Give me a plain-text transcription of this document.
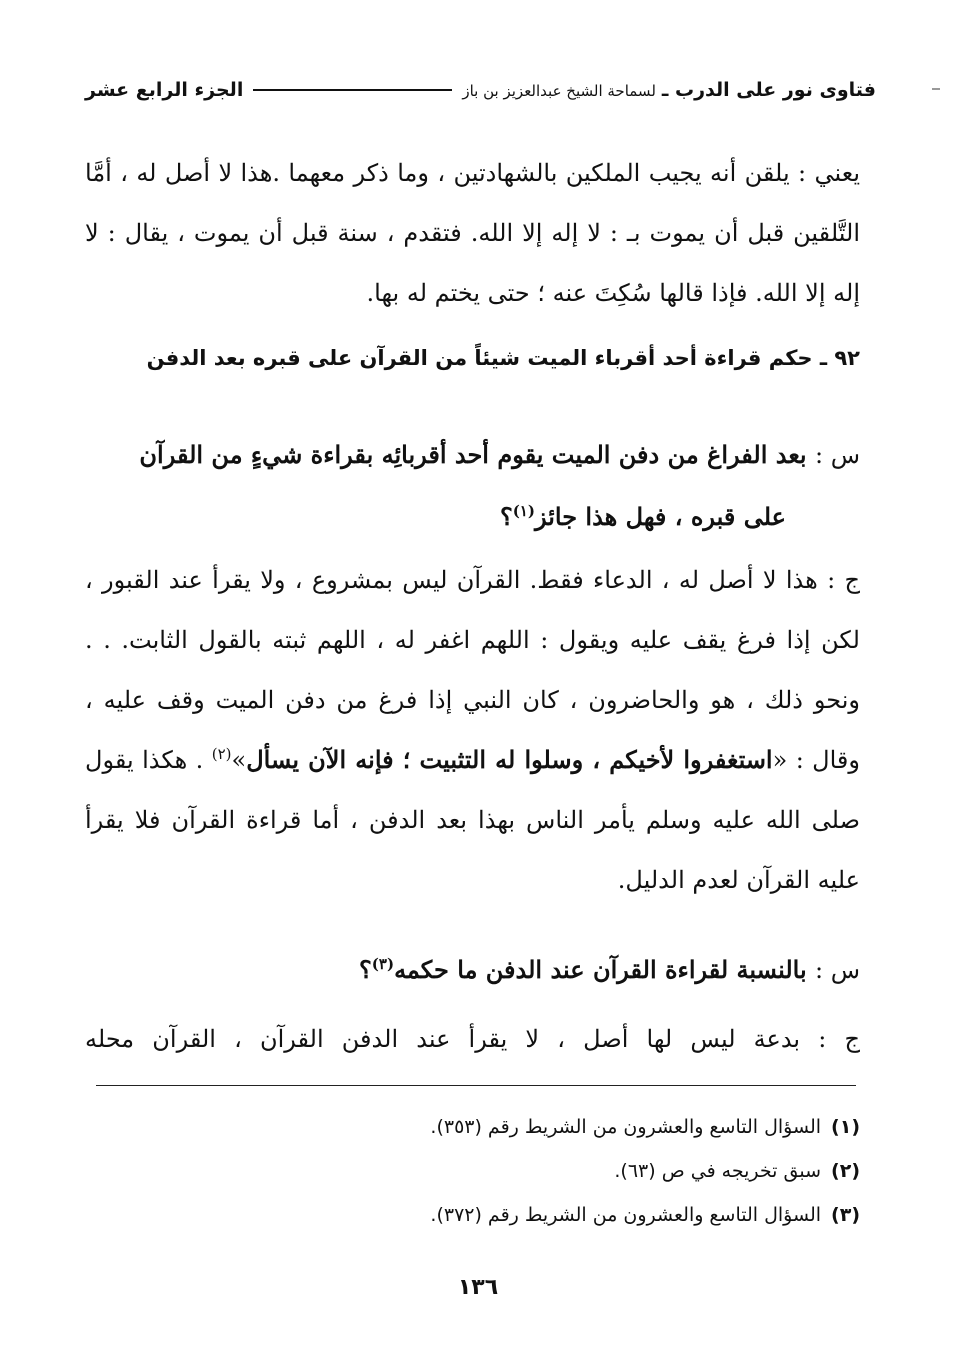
فتاوى نور على الدرب ـ
لسماحة الشيخ عبدالعزيز بن باز
الجزء الرابع عشر

يعني : يلقن أنه يجيب الملكين بالشهادتين ، وما ذكر معهما .هذا لا أصل له ، أمَّا التَّلقين قبل أن يموت بـ : لا إله إلا الله. فتقدم ، سنة قبل أن يموت ، يقال : لا إله إلا الله. فإذا قالها سُكِتَ عنه ؛ حتى يختم له بها.

٩٢ ـ حكم قراءة أحد أقرباء الميت شيئاً من القرآن على قبره بعد الدفن

س : بعد الفراغ من دفن الميت يقوم أحد أقربائِه بقراءة شيءٍ من القرآن

على قبره ، فهل هذا جائز$^{(١)}$؟

ج : هذا لا أصل له ، الدعاء فقط. القرآن ليس بمشروع ، ولا يقرأ عند القبور ، لكن إذا فرغ يقف عليه ويقول : اللهم اغفر له ، اللهم ثبته بالقول الثابت. . . ونحو ذلك ، هو والحاضرون ، كان النبي إذا فرغ من دفن الميت وقف عليه ، وقال : «استغفروا لأخيكم ، وسلوا له التثبيت ؛ فإنه الآن يسأل»$^{(٢)}$ . هكذا يقول صلى الله عليه وسلم يأمر الناس بهذا بعد الدفن ، أما قراءة القرآن فلا يقرأ عليه القرآن لعدم الدليل.

س : بالنسبة لقراءة القرآن عند الدفن ما حكمه$^{(٣)}$؟

ج : بدعة ليس لها أصل ، لا يقرأ عند الدفن القرآن ، القرآن محله

(١)السؤال التاسع والعشرون من الشريط رقم (٣٥٣).
(٢)سبق تخريجه في ص (٦٣).
(٣)السؤال التاسع والعشرون من الشريط رقم (٣٧٢).
١٣٦
